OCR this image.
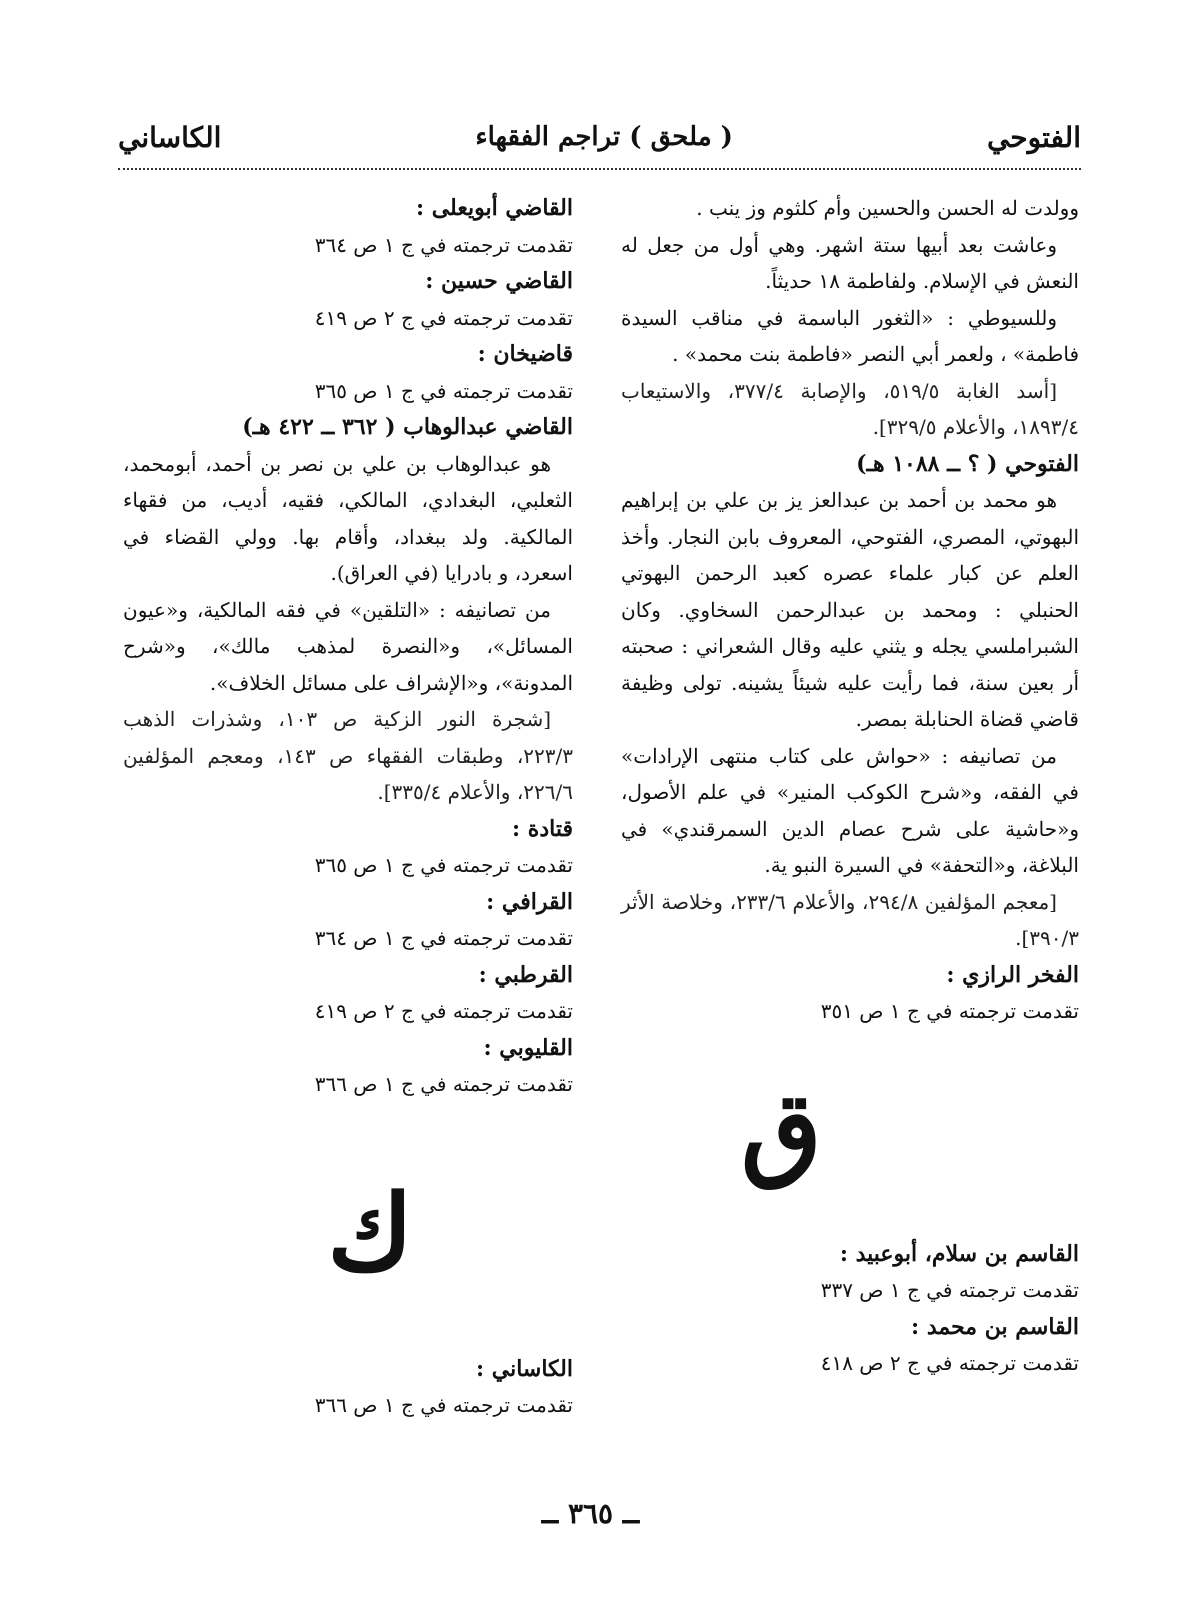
الفتوحي
( ملحق ) تراجم الفقهاء
الكاساني

وولدت له الحسن والحسين وأم كلثوم وز ينب .

وعاشت بعد أبيها ستة اشهر. وهي أول من جعل له النعش في الإسلام. ولفاطمة ١٨ حديثاً.

وللسيوطي : «الثغور الباسمة في مناقب السيدة فاطمة» ، ولعمر أبي النصر «فاطمة بنت محمد» .

[أسد الغابة ٥١٩/٥، والإصابة ٣٧٧/٤، والاستيعاب ١٨٩٣/٤، والأعلام ٣٢٩/٥].

الفتوحي ( ؟ ــ ١٠٨٨ هـ)

هو محمد بن أحمد بن عبدالعز يز بن علي بن إبراهيم البهوتي، المصري، الفتوحي، المعروف بابن النجار. وأخذ العلم عن كبار علماء عصره كعبد الرحمن البهوتي الحنبلي : ومحمد بن عبدالرحمن السخاوي. وكان الشبراملسي يجله و يثني عليه وقال الشعراني : صحبته أر بعين سنة، فما رأيت عليه شيئاً يشينه. تولى وظيفة قاضي قضاة الحنابلة بمصر.

من تصانيفه : «حواش على كتاب منتهى الإرادات» في الفقه، و«شرح الكوكب المنير» في علم الأصول، و«حاشية على شرح عصام الدين السمرقندي» في البلاغة، و«التحفة» في السيرة النبو ية.

[معجم المؤلفين ٢٩٤/٨، والأعلام ٢٣٣/٦، وخلاصة الأثر ٣٩٠/٣].

الفخر الرازي :

تقدمت ترجمته في ج ١ ص ٣٥١

ق

القاسم بن سلام، أبوعبيد :

تقدمت ترجمته في ج ١ ص ٣٣٧

القاسم بن محمد :

تقدمت ترجمته في ج ٢ ص ٤١٨

القاضي أبويعلى :

تقدمت ترجمته في ج ١ ص ٣٦٤

القاضي حسين :

تقدمت ترجمته في ج ٢ ص ٤١٩

قاضيخان :

تقدمت ترجمته في ج ١ ص ٣٦٥

القاضي عبدالوهاب ( ٣٦٢ ــ ٤٢٢ هـ)

هو عبدالوهاب بن علي بن نصر بن أحمد، أبومحمد، الثعلبي، البغدادي، المالكي، فقيه، أديب، من فقهاء المالكية. ولد ببغداد، وأقام بها. وولي القضاء في اسعرد، و بادرايا (في العراق).

من تصانيفه : «التلقين» في فقه المالكية، و«عيون المسائل»، و«النصرة لمذهب مالك»، و«شرح المدونة»، و«الإشراف على مسائل الخلاف».

[شجرة النور الزكية ص ١٠٣، وشذرات الذهب ٢٢٣/٣، وطبقات الفقهاء ص ١٤٣، ومعجم المؤلفين ٢٢٦/٦، والأعلام ٣٣٥/٤].

قتادة :

تقدمت ترجمته في ج ١ ص ٣٦٥

القرافي :

تقدمت ترجمته في ج ١ ص ٣٦٤

القرطبي :

تقدمت ترجمته في ج ٢ ص ٤١٩

القليوبي :

تقدمت ترجمته في ج ١ ص ٣٦٦

ك

الكاساني :

تقدمت ترجمته في ج ١ ص ٣٦٦

ــ ٣٦٥ ــ
